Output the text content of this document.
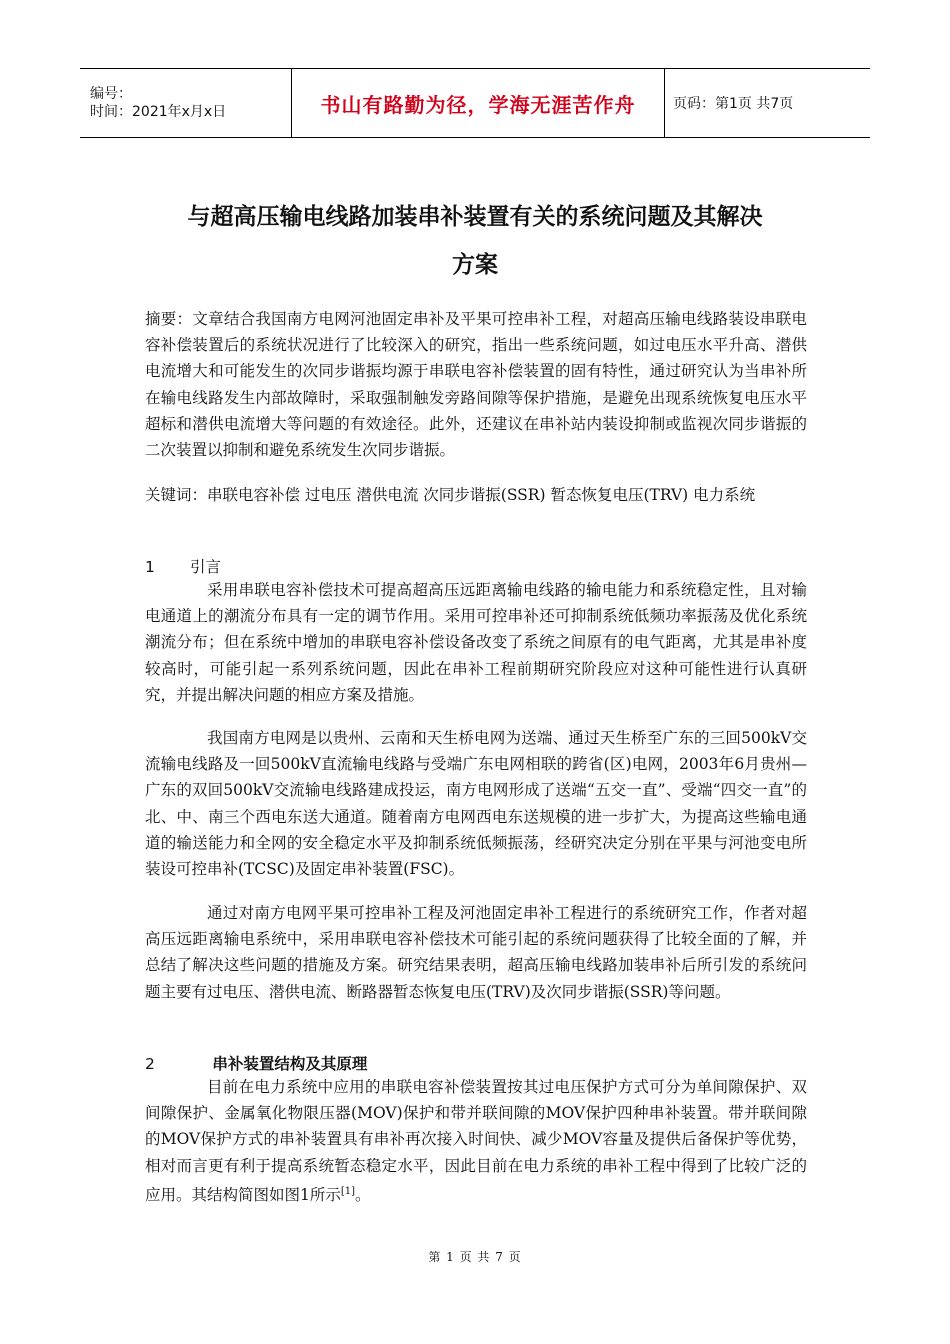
编号：
时间：2021年x月x日	书山有路勤为径，学海无涯苦作舟	页码：第1页 共7页
与超高压输电线路加装串补装置有关的系统问题及其解决
方案

摘要：文章结合我国南方电网河池固定串补及平果可控串补工程，对超高压输电线路装设串联电容补偿装置后的系统状况进行了比较深入的研究，指出一些系统问题，如过电压水平升高、潜供电流增大和可能发生的次同步谐振均源于串联电容补偿装置的固有特性，通过研究认为当串补所在输电线路发生内部故障时，采取强制触发旁路间隙等保护措施，是避免出现系统恢复电压水平超标和潜供电流增大等问题的有效途径。此外，还建议在串补站内装设抑制或监视次同步谐振的二次装置以抑制和避免系统发生次同步谐振。

关键词：串联电容补偿 过电压 潜供电流 次同步谐振(SSR) 暂态恢复电压(TRV) 电力系统

1 引言

采用串联电容补偿技术可提高超高压远距离输电线路的输电能力和系统稳定性，且对输电通道上的潮流分布具有一定的调节作用。采用可控串补还可抑制系统低频功率振荡及优化系统潮流分布；但在系统中增加的串联电容补偿设备改变了系统之间原有的电气距离，尤其是串补度较高时，可能引起一系列系统问题，因此在串补工程前期研究阶段应对这种可能性进行认真研究，并提出解决问题的相应方案及措施。

我国南方电网是以贵州、云南和天生桥电网为送端、通过天生桥至广东的三回500kV交流输电线路及一回500kV直流输电线路与受端广东电网相联的跨省(区)电网，2003年6月贵州—广东的双回500kV交流输电线路建成投运，南方电网形成了送端“五交一直”、受端“四交一直”的北、中、南三个西电东送大通道。随着南方电网西电东送规模的进一步扩大，为提高这些输电通道的输送能力和全网的安全稳定水平及抑制系统低频振荡，经研究决定分别在平果与河池变电所装设可控串补(TCSC)及固定串补装置(FSC)。

通过对南方电网平果可控串补工程及河池固定串补工程进行的系统研究工作，作者对超高压远距离输电系统中，采用串联电容补偿技术可能引起的系统问题获得了比较全面的了解，并总结了解决这些问题的措施及方案。研究结果表明，超高压输电线路加装串补后所引发的系统问题主要有过电压、潜供电流、断路器暂态恢复电压(TRV)及次同步谐振(SSR)等问题。

2	串补装置结构及其原理

目前在电力系统中应用的串联电容补偿装置按其过电压保护方式可分为单间隙保护、双间隙保护、金属氧化物限压器(MOV)保护和带并联间隙的MOV保护四种串补装置。带并联间隙的MOV保护方式的串补装置具有串补再次接入时间快、减少MOV容量及提供后备保护等优势，相对而言更有利于提高系统暂态稳定水平，因此目前在电力系统的串补工程中得到了比较广泛的应用。其结构简图如图1所示[1]。

第 1 页 共 7 页
